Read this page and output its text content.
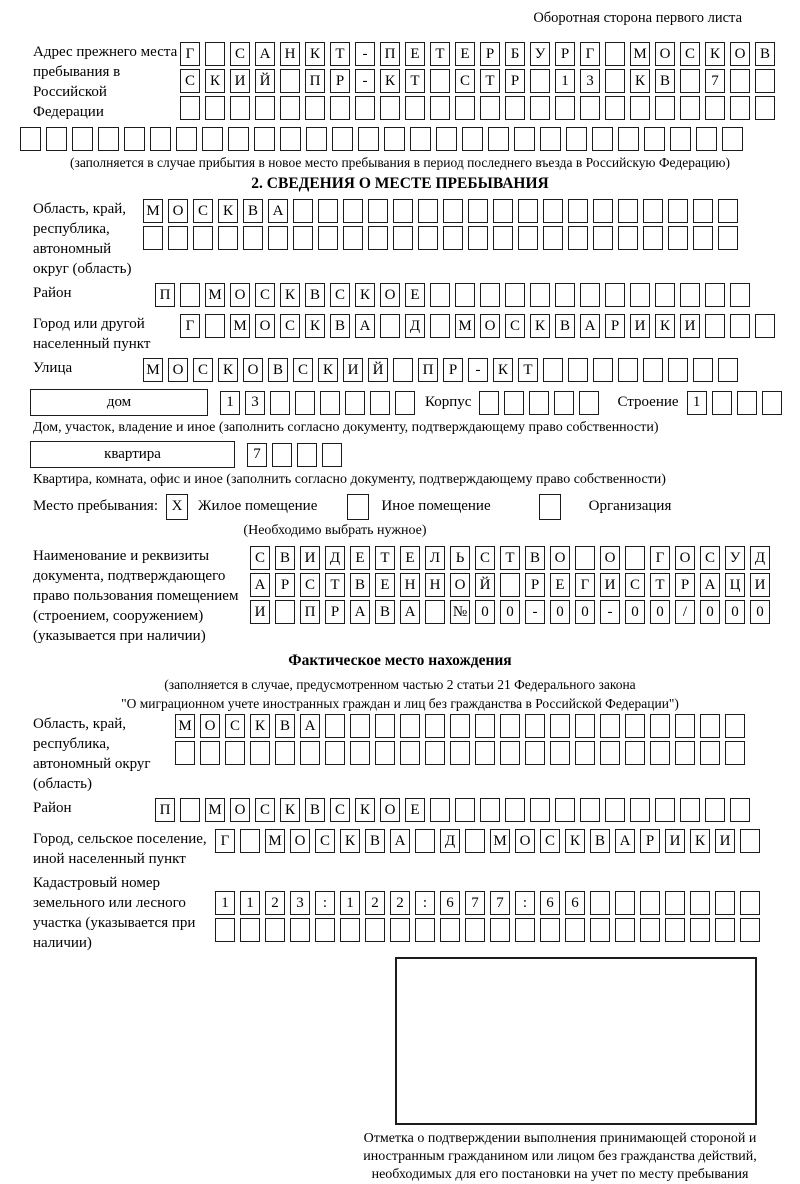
Оборотная сторона первого листа
Адрес прежнего места пребывания в Российской Федерации
Г	С А Н К	Т	-	П Е	Т	Е	Р	Б	У	Р	Г	М О С К О В
С К И Й	П	Р	-	К	Т	С	Т	Р	1	3	К В	7
(заполняется в случае прибытия в новое место пребывания в период последнего въезда в Российскую Федерацию)
2. СВЕДЕНИЯ О МЕСТЕ ПРЕБЫВАНИЯ
Область, край, республика, автономный округ (область)
М О С К В А
Район	П	М О С К В С К О Е
Город или другой населенный пункт
Г	М О С К В А	Д	М О С К В А	Р	И К И
Улица	М О С К О В С К И Й	П	Р	-	К	Т
дом	1	3	Корпус	Строение 1
Дом, участок, владение и иное (заполнить согласно документу, подтверждающему право собственности)
квартира	7
Квартира, комната, офис и иное (заполнить согласно документу, подтверждающему право собственности)
Место пребывания: X	Жилое помещение	Иное помещение	Организация
(Необходимо выбрать нужное)
Наименование и реквизиты документа, подтверждающего право пользования помещением (строением, сооружением) (указывается при наличии)
С В И Д	Е	Т	Е	Л	Ь	С	Т	В О	О	Г	О С У Д
А	Р	С	Т	В	Е	Н Н О Й	Р	Е	Г	И С	Т	Р	А Ц И
И	П	Р	А В А	№ 0	0	-	0	0	-	0	0	/	0	0	0
Фактическое место нахождения
(заполняется в случае, предусмотренном частью 2 статьи 21 Федерального закона
"О миграционном учете иностранных граждан и лиц без гражданства в Российской Федерации")
Область, край, республика, автономный округ (область)
М О С К В А
Район	П	М О С К В С К О Е
Город, сельское поселение, иной населенный пункт
Г	М О С К В А	Д	М О С К В А	Р	И К И
Кадастровый номер земельного или лесного участка (указывается при наличии)
1	1	2	3	:	1	2	2	:	6	7	7	:	6	6
Отметка о подтверждении выполнения принимающей стороной и иностранным гражданином или лицом без гражданства действий, необходимых для его постановки на учет по месту пребывания
